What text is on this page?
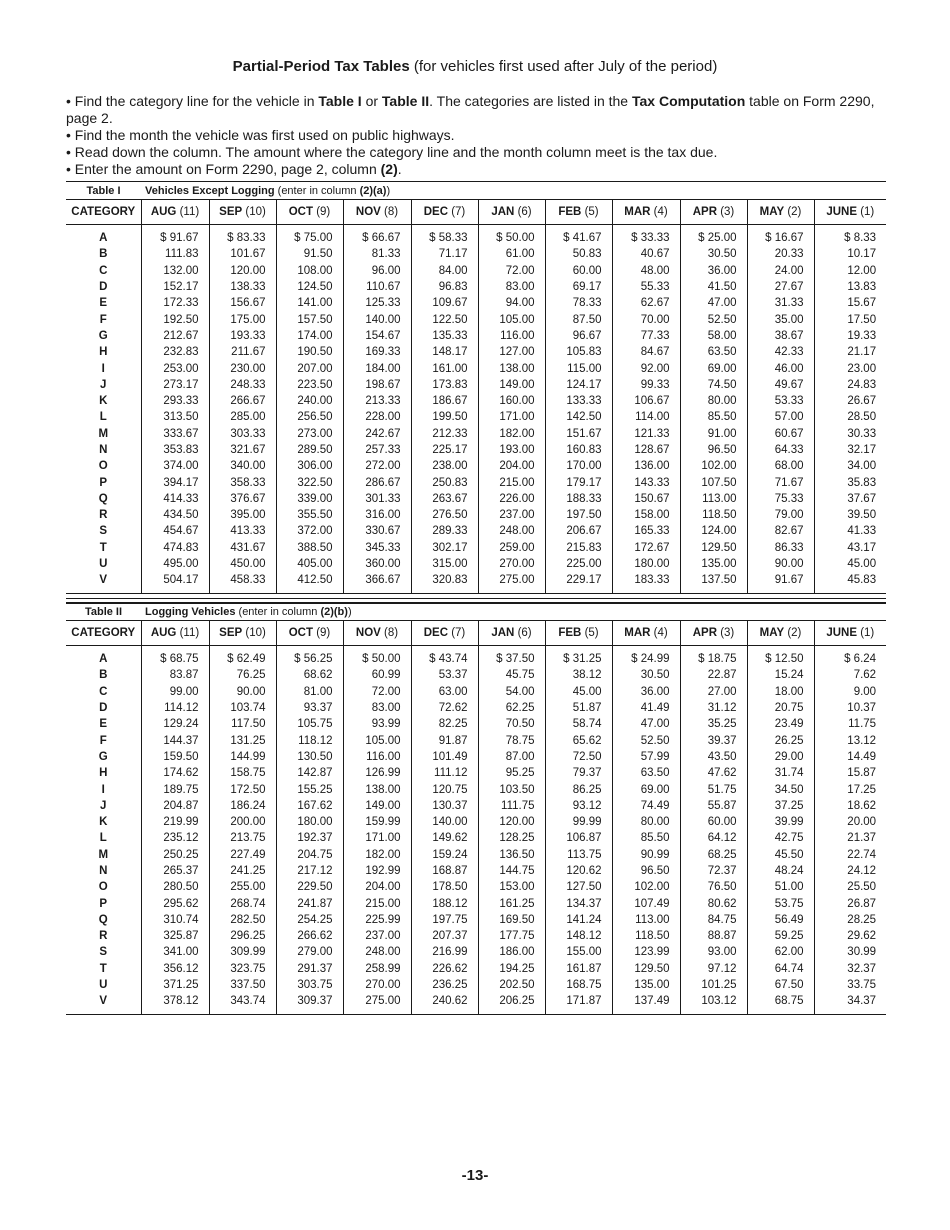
Partial-Period Tax Tables (for vehicles first used after July of the period)
• Find the category line for the vehicle in Table I or Table II. The categories are listed in the Tax Computation table on Form 2290, page 2.
• Find the month the vehicle was first used on public highways.
• Read down the column. The amount where the category line and the month column meet is the tax due.
• Enter the amount on Form 2290, page 2, column (2).
Table I	Vehicles Except Logging (enter in column (2)(a))										
CATEGORY	AUG (11)	SEP (10)	OCT (9)	NOV (8)	DEC (7)	JAN (6)	FEB (5)	MAR (4)	APR (3)	MAY (2)	JUNE (1)
A	$ 91.67	$ 83.33	$ 75.00	$ 66.67	$ 58.33	$ 50.00	$ 41.67	$ 33.33	$ 25.00	$ 16.67	$ 8.33
B	111.83	101.67	91.50	81.33	71.17	61.00	50.83	40.67	30.50	20.33	10.17
C	132.00	120.00	108.00	96.00	84.00	72.00	60.00	48.00	36.00	24.00	12.00
D	152.17	138.33	124.50	110.67	96.83	83.00	69.17	55.33	41.50	27.67	13.83
E	172.33	156.67	141.00	125.33	109.67	94.00	78.33	62.67	47.00	31.33	15.67
F	192.50	175.00	157.50	140.00	122.50	105.00	87.50	70.00	52.50	35.00	17.50
G	212.67	193.33	174.00	154.67	135.33	116.00	96.67	77.33	58.00	38.67	19.33
H	232.83	211.67	190.50	169.33	148.17	127.00	105.83	84.67	63.50	42.33	21.17
I	253.00	230.00	207.00	184.00	161.00	138.00	115.00	92.00	69.00	46.00	23.00
J	273.17	248.33	223.50	198.67	173.83	149.00	124.17	99.33	74.50	49.67	24.83
K	293.33	266.67	240.00	213.33	186.67	160.00	133.33	106.67	80.00	53.33	26.67
L	313.50	285.00	256.50	228.00	199.50	171.00	142.50	114.00	85.50	57.00	28.50
M	333.67	303.33	273.00	242.67	212.33	182.00	151.67	121.33	91.00	60.67	30.33
N	353.83	321.67	289.50	257.33	225.17	193.00	160.83	128.67	96.50	64.33	32.17
O	374.00	340.00	306.00	272.00	238.00	204.00	170.00	136.00	102.00	68.00	34.00
P	394.17	358.33	322.50	286.67	250.83	215.00	179.17	143.33	107.50	71.67	35.83
Q	414.33	376.67	339.00	301.33	263.67	226.00	188.33	150.67	113.00	75.33	37.67
R	434.50	395.00	355.50	316.00	276.50	237.00	197.50	158.00	118.50	79.00	39.50
S	454.67	413.33	372.00	330.67	289.33	248.00	206.67	165.33	124.00	82.67	41.33
T	474.83	431.67	388.50	345.33	302.17	259.00	215.83	172.67	129.50	86.33	43.17
U	495.00	450.00	405.00	360.00	315.00	270.00	225.00	180.00	135.00	90.00	45.00
V	504.17	458.33	412.50	366.67	320.83	275.00	229.17	183.33	137.50	91.67	45.83
Table II	Logging Vehicles (enter in column (2)(b))										
CATEGORY	AUG (11)	SEP (10)	OCT (9)	NOV (8)	DEC (7)	JAN (6)	FEB (5)	MAR (4)	APR (3)	MAY (2)	JUNE (1)
A	$ 68.75	$ 62.49	$ 56.25	$ 50.00	$ 43.74	$ 37.50	$ 31.25	$ 24.99	$ 18.75	$ 12.50	$ 6.24
B	83.87	76.25	68.62	60.99	53.37	45.75	38.12	30.50	22.87	15.24	7.62
C	99.00	90.00	81.00	72.00	63.00	54.00	45.00	36.00	27.00	18.00	9.00
D	114.12	103.74	93.37	83.00	72.62	62.25	51.87	41.49	31.12	20.75	10.37
E	129.24	117.50	105.75	93.99	82.25	70.50	58.74	47.00	35.25	23.49	11.75
F	144.37	131.25	118.12	105.00	91.87	78.75	65.62	52.50	39.37	26.25	13.12
G	159.50	144.99	130.50	116.00	101.49	87.00	72.50	57.99	43.50	29.00	14.49
H	174.62	158.75	142.87	126.99	111.12	95.25	79.37	63.50	47.62	31.74	15.87
I	189.75	172.50	155.25	138.00	120.75	103.50	86.25	69.00	51.75	34.50	17.25
J	204.87	186.24	167.62	149.00	130.37	111.75	93.12	74.49	55.87	37.25	18.62
K	219.99	200.00	180.00	159.99	140.00	120.00	99.99	80.00	60.00	39.99	20.00
L	235.12	213.75	192.37	171.00	149.62	128.25	106.87	85.50	64.12	42.75	21.37
M	250.25	227.49	204.75	182.00	159.24	136.50	113.75	90.99	68.25	45.50	22.74
N	265.37	241.25	217.12	192.99	168.87	144.75	120.62	96.50	72.37	48.24	24.12
O	280.50	255.00	229.50	204.00	178.50	153.00	127.50	102.00	76.50	51.00	25.50
P	295.62	268.74	241.87	215.00	188.12	161.25	134.37	107.49	80.62	53.75	26.87
Q	310.74	282.50	254.25	225.99	197.75	169.50	141.24	113.00	84.75	56.49	28.25
R	325.87	296.25	266.62	237.00	207.37	177.75	148.12	118.50	88.87	59.25	29.62
S	341.00	309.99	279.00	248.00	216.99	186.00	155.00	123.99	93.00	62.00	30.99
T	356.12	323.75	291.37	258.99	226.62	194.25	161.87	129.50	97.12	64.74	32.37
U	371.25	337.50	303.75	270.00	236.25	202.50	168.75	135.00	101.25	67.50	33.75
V	378.12	343.74	309.37	275.00	240.62	206.25	171.87	137.49	103.12	68.75	34.37
-13-
